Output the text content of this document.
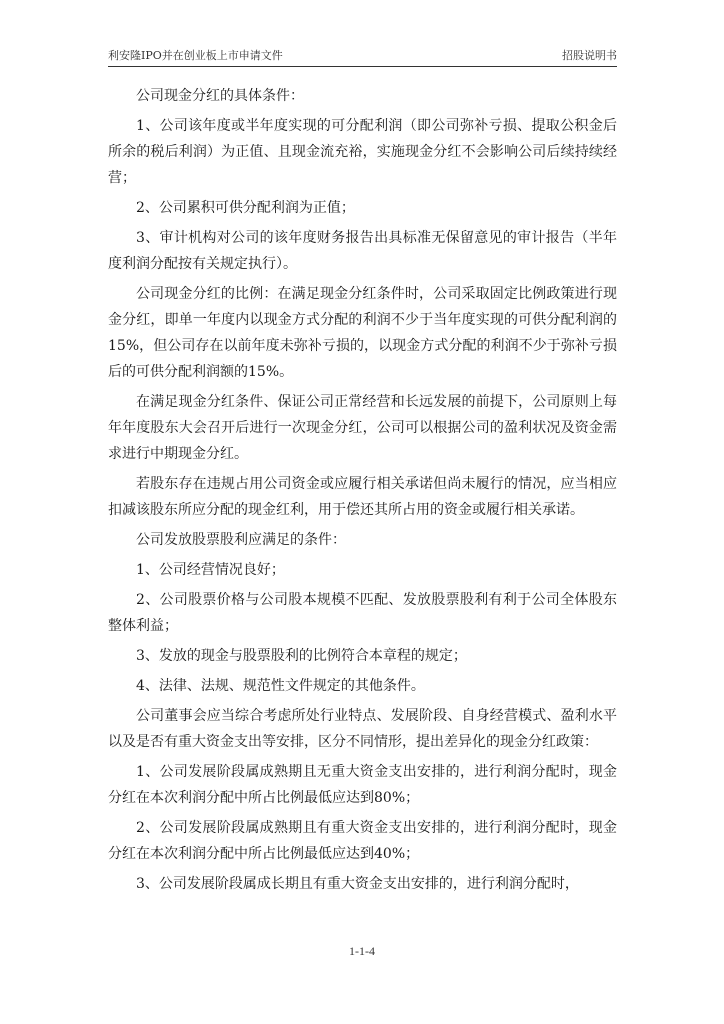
利安隆IPO并在创业板上市申请文件	招股说明书

公司现金分红的具体条件：

1、公司该年度或半年度实现的可分配利润（即公司弥补亏损、提取公积金后所余的税后利润）为正值、且现金流充裕，实施现金分红不会影响公司后续持续经营；

2、公司累积可供分配利润为正值；

3、审计机构对公司的该年度财务报告出具标准无保留意见的审计报告（半年度利润分配按有关规定执行）。

公司现金分红的比例：在满足现金分红条件时，公司采取固定比例政策进行现金分红，即单一年度内以现金方式分配的利润不少于当年度实现的可供分配利润的 15%，但公司存在以前年度未弥补亏损的，以现金方式分配的利润不少于弥补亏损后的可供分配利润额的15%。

在满足现金分红条件、保证公司正常经营和长远发展的前提下，公司原则上每年年度股东大会召开后进行一次现金分红，公司可以根据公司的盈利状况及资金需求进行中期现金分红。

若股东存在违规占用公司资金或应履行相关承诺但尚未履行的情况，应当相应扣减该股东所应分配的现金红利，用于偿还其所占用的资金或履行相关承诺。

公司发放股票股利应满足的条件：

1、公司经营情况良好；

2、公司股票价格与公司股本规模不匹配、发放股票股利有利于公司全体股东整体利益；

3、发放的现金与股票股利的比例符合本章程的规定；

4、法律、法规、规范性文件规定的其他条件。

公司董事会应当综合考虑所处行业特点、发展阶段、自身经营模式、盈利水平以及是否有重大资金支出等安排，区分不同情形，提出差异化的现金分红政策：

1、公司发展阶段属成熟期且无重大资金支出安排的，进行利润分配时，现金分红在本次利润分配中所占比例最低应达到80%；

2、公司发展阶段属成熟期且有重大资金支出安排的，进行利润分配时，现金分红在本次利润分配中所占比例最低应达到40%；

3、公司发展阶段属成长期且有重大资金支出安排的，进行利润分配时，

1-1-4
